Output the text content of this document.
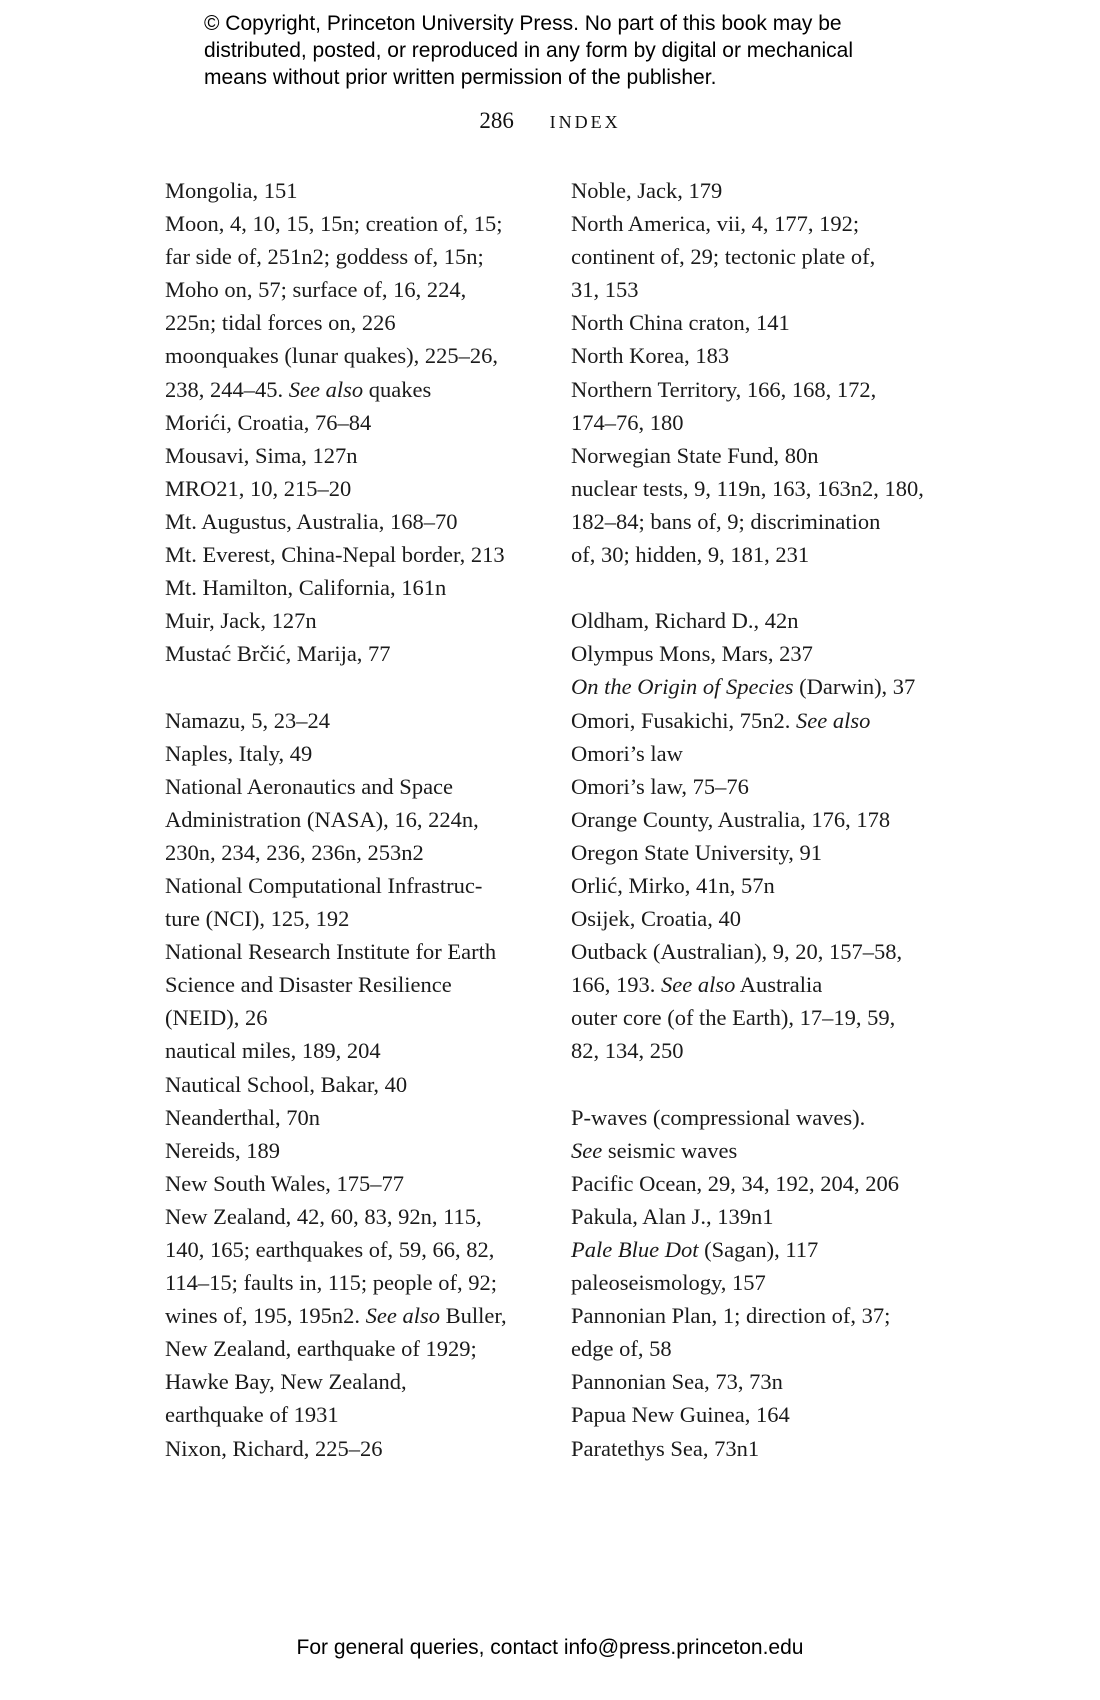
© Copyright, Princeton University Press. No part of this book may be
distributed, posted, or reproduced in any form by digital or mechanical
means without prior written permission of the publisher.
286 INDEX
Mongolia, 151
Moon, 4, 10, 15, 15n; creation of, 15;
far side of, 251n2; goddess of, 15n;
Moho on, 57; surface of, 16, 224,
225n; tidal forces on, 226
moonquakes (lunar quakes), 225–26,
238, 244–45. See also quakes
Morići, Croatia, 76–84
Mousavi, Sima, 127n
MRO21, 10, 215–20
Mt. Augustus, Australia, 168–70
Mt. Everest, China-Nepal border, 213
Mt. Hamilton, California, 161n
Muir, Jack, 127n
Mustać Brčić, Marija, 77
Namazu, 5, 23–24
Naples, Italy, 49
National Aeronautics and Space
Administration (NASA), 16, 224n,
230n, 234, 236, 236n, 253n2
National Computational Infrastruc-
ture (NCI), 125, 192
National Research Institute for Earth
Science and Disaster Resilience
(NEID), 26
nautical miles, 189, 204
Nautical School, Bakar, 40
Neanderthal, 70n
Nereids, 189
New South Wales, 175–77
New Zealand, 42, 60, 83, 92n, 115,
140, 165; earthquakes of, 59, 66, 82,
114–15; faults in, 115; people of, 92;
wines of, 195, 195n2. See also Buller,
New Zealand, earthquake of 1929;
Hawke Bay, New Zealand,
earthquake of 1931
Nixon, Richard, 225–26
Noble, Jack, 179
North America, vii, 4, 177, 192;
continent of, 29; tectonic plate of,
31, 153
North China craton, 141
North Korea, 183
Northern Territory, 166, 168, 172,
174–76, 180
Norwegian State Fund, 80n
nuclear tests, 9, 119n, 163, 163n2, 180,
182–84; bans of, 9; discrimination
of, 30; hidden, 9, 181, 231
Oldham, Richard D., 42n
Olympus Mons, Mars, 237
On the Origin of Species (Darwin), 37
Omori, Fusakichi, 75n2. See also
Omori’s law
Omori’s law, 75–76
Orange County, Australia, 176, 178
Oregon State University, 91
Orlić, Mirko, 41n, 57n
Osijek, Croatia, 40
Outback (Australian), 9, 20, 157–58,
166, 193. See also Australia
outer core (of the Earth), 17–19, 59,
82, 134, 250
P-waves (compressional waves).
See seismic waves
Pacific Ocean, 29, 34, 192, 204, 206
Pakula, Alan J., 139n1
Pale Blue Dot (Sagan), 117
paleoseismology, 157
Pannonian Plan, 1; direction of, 37;
edge of, 58
Pannonian Sea, 73, 73n
Papua New Guinea, 164
Paratethys Sea, 73n1
For general queries, contact info@press.princeton.edu
